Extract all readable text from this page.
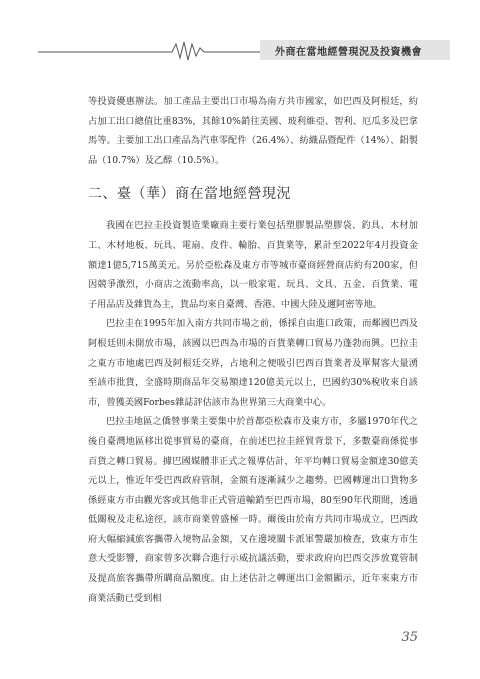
外商在當地經營現況及投資機會

等投資優惠辦法。加工產品主要出口市場為南方共市國家，如巴西及阿根廷，約占加工出口總值比重83%，其餘10%銷往美國、玻利維亞、智利、厄瓜多及巴拿馬等。主要加工出口產品為汽車零配件（26.4%）、紡織品暨配件（14%）、鋁製品（10.7%）及乙醇（10.5%）。

二、臺（華）商在當地經營現況

我國在巴拉圭投資製造業廠商主要行業包括塑膠製品塑膠袋、釣具、木材加工、木材地板、玩具、電扇、皮件、輪胎、百貨業等，累計至2022年4月投資金額達1億5,715萬美元。另於亞松森及東方市等城市臺商經營商店約有200家，但因競爭激烈，小商店之流動率高，以一般家電、玩具、文具、五金、百貨業、電子用品店及雜貨為主，貨品均來自臺灣、香港、中國大陸及邇阿密等地。

巴拉圭在1995年加入南方共同市場之前，係採自由進口政策，而鄰國巴西及阿根廷則未開放市場，該國以巴西為市場的百貨業轉口貿易乃蓬勃而興。巴拉圭之東方市地處巴西及阿根廷交界，占地利之便吸引巴西百貨業者及單幫客大量湧至該市批貨，全盛時期商品年交易額達120億美元以上，巴國約30%稅收來自該市，曾獲美國Forbes雜誌評估該市為世界第三大商業中心。

巴拉圭地區之僑營事業主要集中於首都亞松森市及東方市，多屬1970年代之後自臺灣地區移出從事貿易的臺商，在前述巴拉圭經貿背景下，多數臺商係從事百貨之轉口貿易。據巴國媒體非正式之報導估計，年平均轉口貿易金額達30億美元以上，惟近年受巴西政府管制，金額有逐漸減少之趨勢。巴國轉運出口貨物多係經東方市由觀光客或其他非正式管道輸銷至巴西市場，80至90年代期間，透過低關稅及走私途徑，該市商業曾盛極一時。爾後由於南方共同市場成立，巴西政府大幅縮減旅客攜帶入境物品金額，又在邊境關卡派軍警嚴加檢查，致東方市生意大受影響，商家曾多次聯合進行示威抗議活動，要求政府向巴西交涉放寬管制及提高旅客攜帶所購商品額度。由上述估計之轉運出口金額顯示，近年來東方市商業活動已受到相

35
